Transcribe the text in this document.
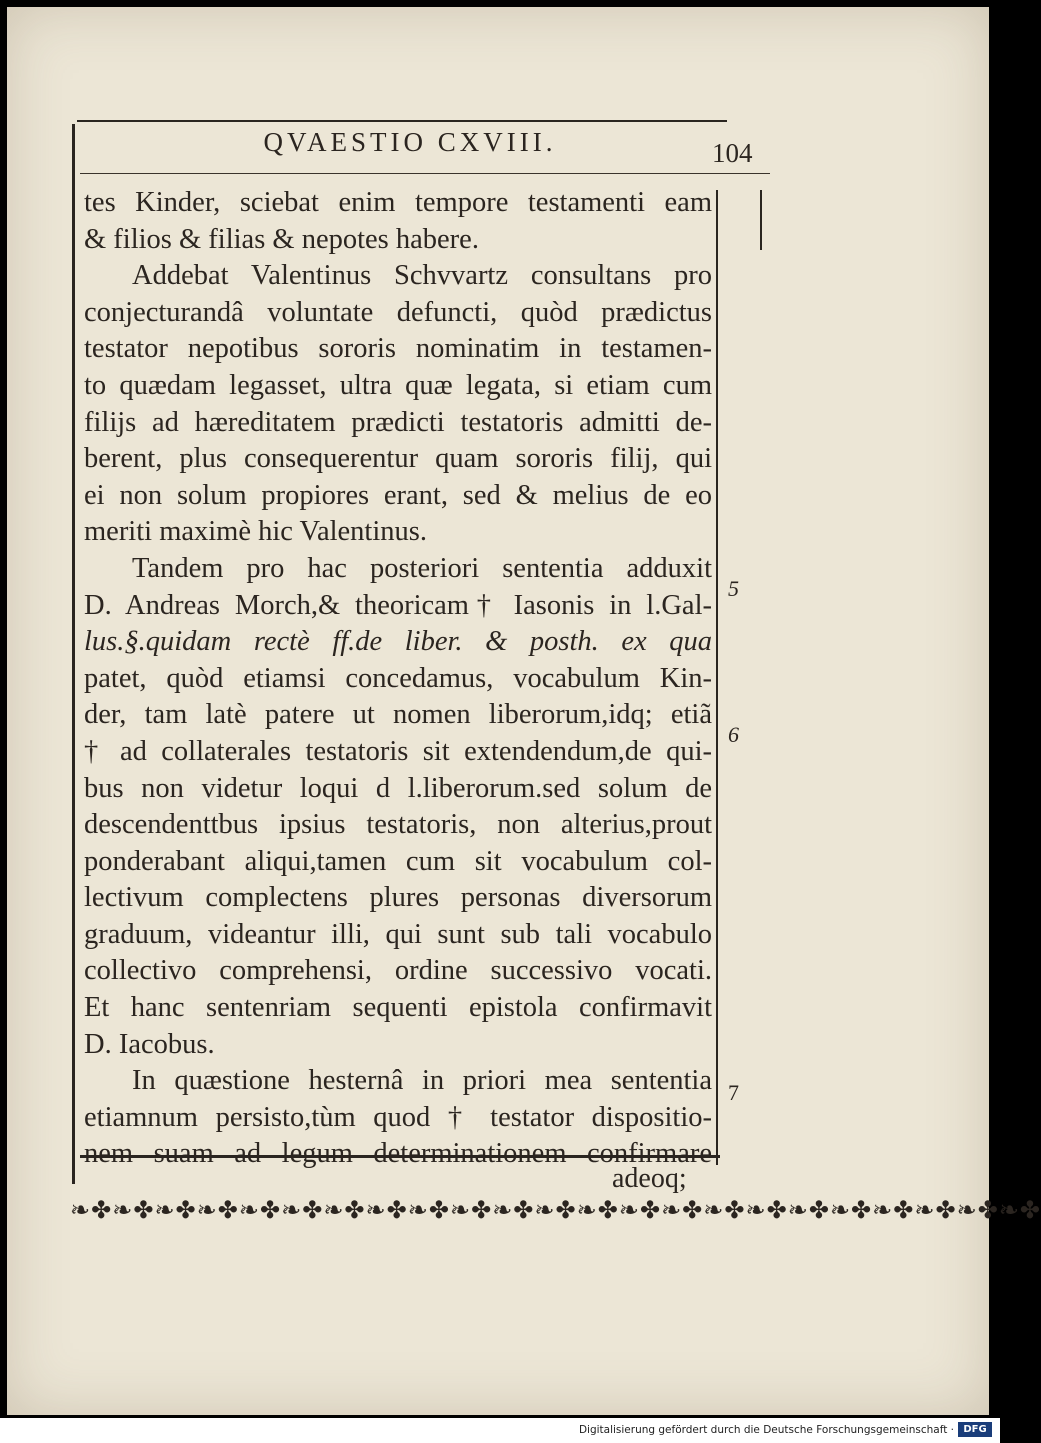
QVAESTIO CXVIII.	104
tes Kinder, sciebat enim tempore testamenti eam
& filios & filias & nepotes habere.
Addebat Valentinus Schvvartz consultans pro
conjecturandâ voluntate defuncti, quòd prædictus
testator nepotibus sororis nominatim in testamen-
to quædam legasset, ultra quæ legata, si etiam cum
filijs ad hæreditatem prædicti testatoris admitti de-
berent, plus consequerentur quam sororis filij, qui
ei non solum propiores erant, sed & melius de eo
meriti maximè hic Valentinus.
Tandem pro hac posteriori sententia adduxit
D. Andreas Morch,& theoricam† Iasonis in l.Gal-
lus.§.quidam rectè ff.de liber. & posth. ex qua
patet, quòd etiamsi concedamus, vocabulum Kin-
der, tam latè patere ut nomen liberorum,idq; etiã
† ad collaterales testatoris sit extendendum,de qui-
bus non videtur loqui d l.liberorum.sed solum de
descendenttbus ipsius testatoris, non alterius,prout
ponderabant aliqui,tamen cum sit vocabulum col-
lectivum complectens plures personas diversorum
graduum, videantur illi, qui sunt sub tali vocabulo
collectivo comprehensi, ordine successivo vocati.
Et hanc sentenriam sequenti epistola confirmavit
D. Iacobus.
In quæstione hesternâ in priori mea sententia
etiamnum persisto,tùm quod † testator dispositio-
nem suam ad legum determinationem confirmare
5
6
7
adeoq;
❧✤❧✤❧✤❧✤❧✤❧✤❧✤❧✤❧✤❧✤❧✤❧✤❧✤❧✤❧✤❧✤❧✤❧✤❧✤❧✤❧✤❧✤❧✤
Digitalisierung gefördert durch die Deutsche Forschungsgemeinschaft · DFG
